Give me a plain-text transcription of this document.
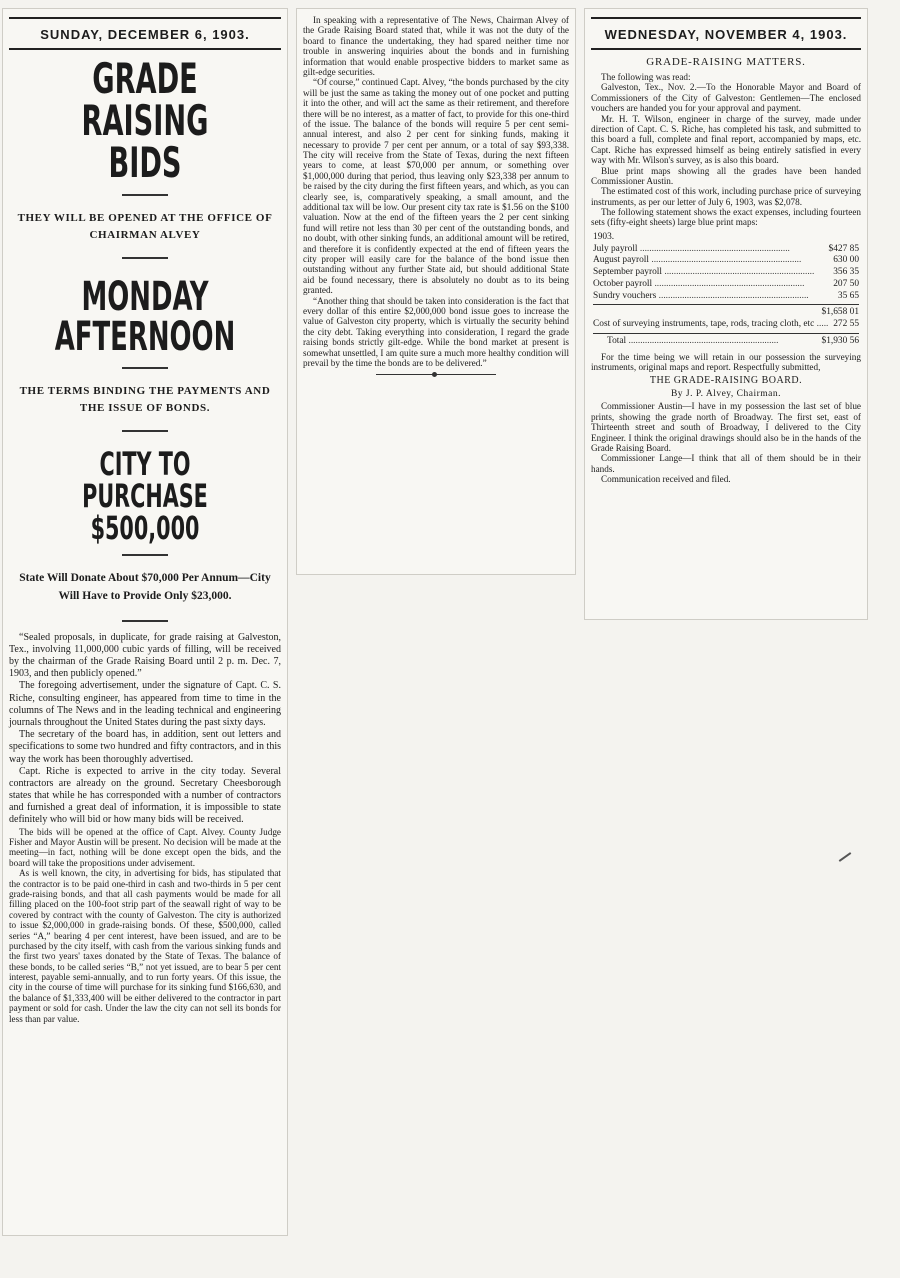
SUNDAY, DECEMBER 6, 1903.
GRADE RAISING BIDS
THEY WILL BE OPENED AT THE OFFICE OF CHAIRMAN ALVEY
MONDAY AFTERNOON
THE TERMS BINDING THE PAYMENTS AND THE ISSUE OF BONDS.
CITY TO PURCHASE $500,000
State Will Donate About $70,000 Per Annum—City Will Have to Provide Only $23,000.

“Sealed proposals, in duplicate, for grade raising at Galveston, Tex., involving 11,000,000 cubic yards of filling, will be received by the chairman of the Grade Raising Board until 2 p. m. Dec. 7, 1903, and then publicly opened.”

The foregoing advertisement, under the signature of Capt. C. S. Riche, consulting engineer, has appeared from time to time in the columns of The News and in the leading technical and engineering journals throughout the United States during the past sixty days.

The secretary of the board has, in addition, sent out letters and specifications to some two hundred and fifty contractors, and in this way the work has been thoroughly advertised.

Capt. Riche is expected to arrive in the city today. Several contractors are already on the ground. Secretary Cheesborough states that while he has corresponded with a number of contractors and furnished a great deal of information, it is impossible to state definitely who will bid or how many bids will be received.

The bids will be opened at the office of Capt. Alvey. County Judge Fisher and Mayor Austin will be present. No decision will be made at the meeting—in fact, nothing will be done except open the bids, and the board will take the propositions under advisement.

As is well known, the city, in advertising for bids, has stipulated that the contractor is to be paid one-third in cash and two-thirds in 5 per cent grade-raising bonds, and that all cash payments would be made for all filling placed on the 100-foot strip part of the seawall right of way to be covered by contract with the county of Galveston. The city is authorized to issue $2,000,000 in grade-raising bonds. Of these, $500,000, called series “A,” bearing 4 per cent interest, have been issued, and are to be purchased by the city itself, with cash from the various sinking funds and the first two years' taxes donated by the State of Texas. The balance of these bonds, to be called series “B,” not yet issued, are to bear 5 per cent interest, payable semi-annually, and to run forty years. Of this issue, the city in the course of time will purchase for its sinking fund $166,630, and the balance of $1,333,400 will be either delivered to the contractor in part payment or sold for cash. Under the law the city can not sell its bonds for less than par value.

In speaking with a representative of The News, Chairman Alvey of the Grade Raising Board stated that, while it was not the duty of the board to finance the undertaking, they had spared neither time nor trouble in answering inquiries about the bonds and in furnishing information that would enable prospective bidders to market same as gilt-edge securities.

“Of course,” continued Capt. Alvey, “the bonds purchased by the city will be just the same as taking the money out of one pocket and putting it into the other, and will act the same as their retirement, and therefore there will be no interest, as a matter of fact, to provide for this one-third of the issue. The balance of the bonds will require 5 per cent semi-annual interest, and also 2 per cent for sinking funds, making it necessary to provide 7 per cent per annum, or a total of say $93,338. The city will receive from the State of Texas, during the next fifteen years to come, at least $70,000 per annum, or something over $1,000,000 during that period, thus leaving only $23,338 per annum to be raised by the city during the first fifteen years, and which, as you can clearly see, is, comparatively speaking, a small amount, and the additional tax will be low. Our present city tax rate is $1.56 on the $100 valuation. Now at the end of the fifteen years the 2 per cent sinking fund will retire not less than 30 per cent of the outstanding bonds, and no doubt, with other sinking funds, an additional amount will be retired, and therefore it is confidently expected at the end of fifteen years the city proper will easily care for the balance of the bond issue then outstanding without any further State aid, but should additional State aid be found necessary, there is absolutely no doubt as to its being granted.

“Another thing that should be taken into consideration is the fact that every dollar of this entire $2,000,000 bond issue goes to increase the value of Galveston city property, which is virtually the security behind the city debt. Taking everything into consideration, I regard the grade raising bonds strictly gilt-edge. While the bond market at present is somewhat unsettled, I am quite sure a much more healthy condition will prevail by the time the bonds are to be delivered.”

WEDNESDAY, NOVEMBER 4, 1903.
GRADE-RAISING MATTERS.

The following was read:

Galveston, Tex., Nov. 2.—To the Honorable Mayor and Board of Commissioners of the City of Galveston: Gentlemen—The enclosed vouchers are handed you for your approval and payment.

Mr. H. T. Wilson, engineer in charge of the survey, made under direction of Capt. C. S. Riche, has completed his task, and submitted to this board a full, complete and final report, accompanied by maps, etc. Capt. Riche has expressed himself as being entirely satisfied in every way with Mr. Wilson's survey, as is also this board.

Blue print maps showing all the grades have been handed Commissioner Austin.

The estimated cost of this work, including purchase price of surveying instruments, as per our letter of July 6, 1903, was $2,078.

The following statement shows the exact expenses, including fourteen sets (fifty-eight sheets) large blue print maps:

1903.
July payroll .....	$427 85
August payroll .....	630 00
September payroll .....	356 35
October payroll .....	207 50
Sundry vouchers .....	35 65
$1,658 01
Cost of surveying instruments, tape, rods, tracing cloth, etc .....	272 55
Total .....	$1,930 56

For the time being we will retain in our possession the surveying instruments, original maps and report. Respectfully submitted,

THE GRADE-RAISING BOARD.
By J. P. Alvey, Chairman.

Commissioner Austin—I have in my possession the last set of blue prints, showing the grade north of Broadway. The first set, east of Thirteenth street and south of Broadway, I delivered to the City Engineer. I think the original drawings should also be in the hands of the Grade Raising Board.

Commissioner Lange—I think that all of them should be in their hands.

Communication received and filed.
